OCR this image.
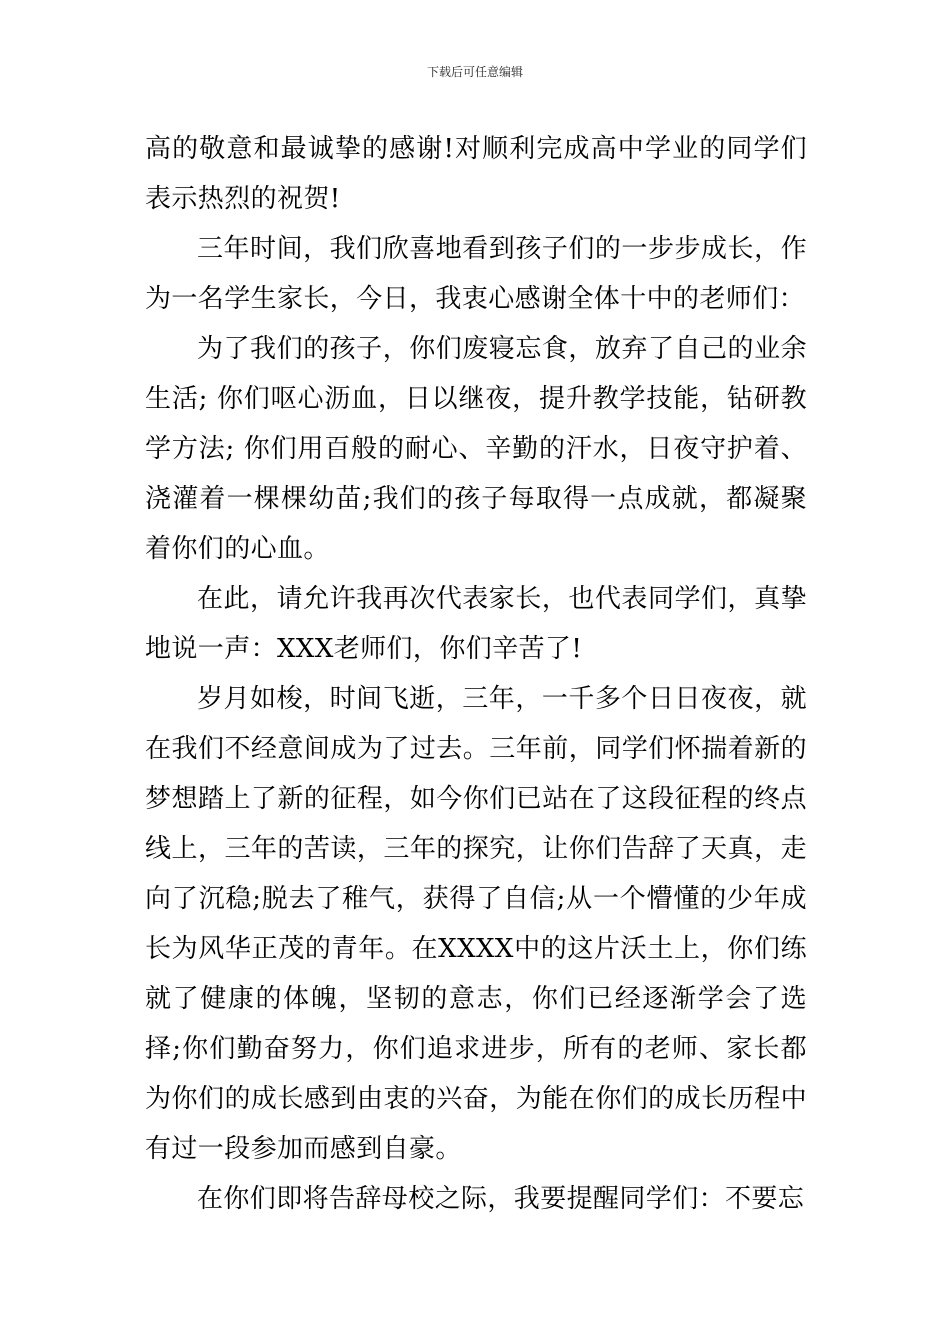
下载后可任意编辑

高的敬意和最诚挚的感谢!对顺利完成高中学业的同学们表示热烈的祝贺!

三年时间，我们欣喜地看到孩子们的一步步成长，作为一名学生家长，今日，我衷心感谢全体十中的老师们：

为了我们的孩子，你们废寝忘食，放弃了自己的业余生活; 你们呕心沥血，日以继夜，提升教学技能，钻研教学方法; 你们用百般的耐心、辛勤的汗水，日夜守护着、浇灌着一棵棵幼苗;我们的孩子每取得一点成就，都凝聚着你们的心血。

在此，请允许我再次代表家长，也代表同学们，真挚地说一声：XXX老师们，你们辛苦了!

岁月如梭，时间飞逝，三年，一千多个日日夜夜，就在我们不经意间成为了过去。三年前，同学们怀揣着新的梦想踏上了新的征程，如今你们已站在了这段征程的终点线上，三年的苦读，三年的探究，让你们告辞了天真，走向了沉稳;脱去了稚气，获得了自信;从一个懵懂的少年成长为风华正茂的青年。在XXXX中的这片沃土上，你们练就了健康的体魄，坚韧的意志，你们已经逐渐学会了选择;你们勤奋努力，你们追求进步，所有的老师、家长都为你们的成长感到由衷的兴奋，为能在你们的成长历程中有过一段参加而感到自豪。

在你们即将告辞母校之际，我要提醒同学们：不要忘
